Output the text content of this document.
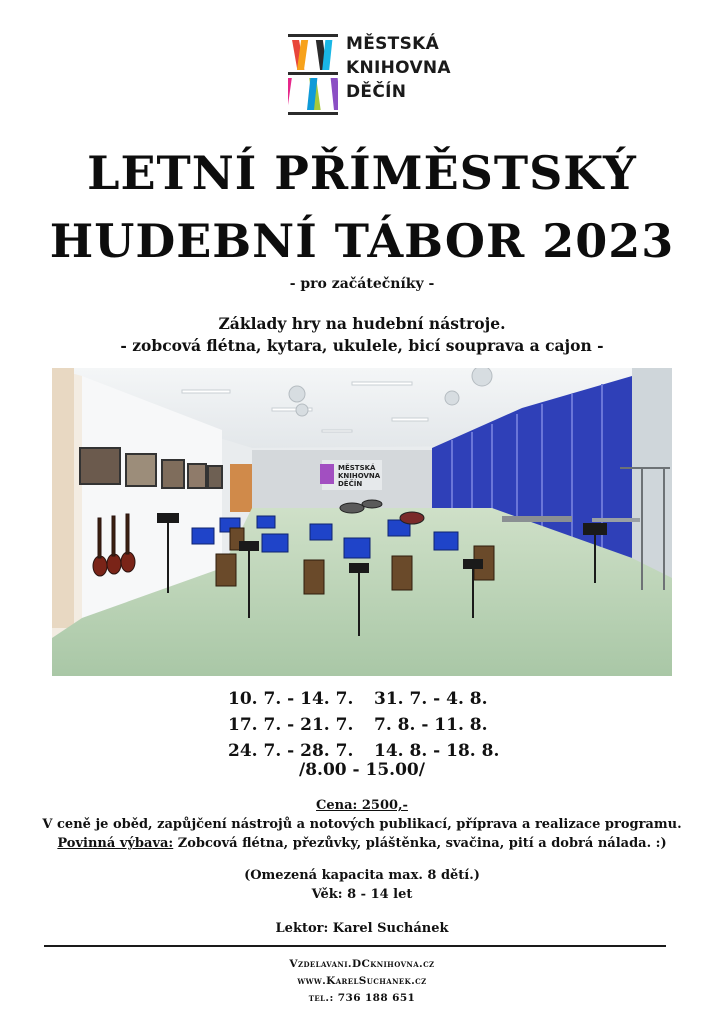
MĚSTSKÁ
KNIHOVNA
DĚČÍN
LETNÍ PŘÍMĚSTSKÝ
HUDEBNÍ TÁBOR 2023
- pro začátečníky -
Základy hry na hudební nástroje.
- zobcová flétna, kytara, ukulele, bicí souprava a cajon -
MĚSTSKÁ
KNIHOVNA
DĚČÍN
10. 7. - 14. 7. 31. 7. - 4. 8.
17. 7. - 21. 7. 7. 8. - 11. 8.
24. 7. - 28. 7. 14. 8. - 18. 8.
/8.00 - 15.00/
Cena: 2500,-
V ceně je oběd, zapůjčení nástrojů a notových publikací, příprava a realizace programu.
Povinná výbava: Zobcová flétna, přezůvky, pláštěnka, svačina, pití a dobrá nálada. :)
(Omezená kapacita max. 8 dětí.)
Věk: 8 - 14 let
Lektor: Karel Suchánek
Vzdelavani.DCknihovna.cz
www.KarelSuchanek.cz
tel.: 736 188 651
